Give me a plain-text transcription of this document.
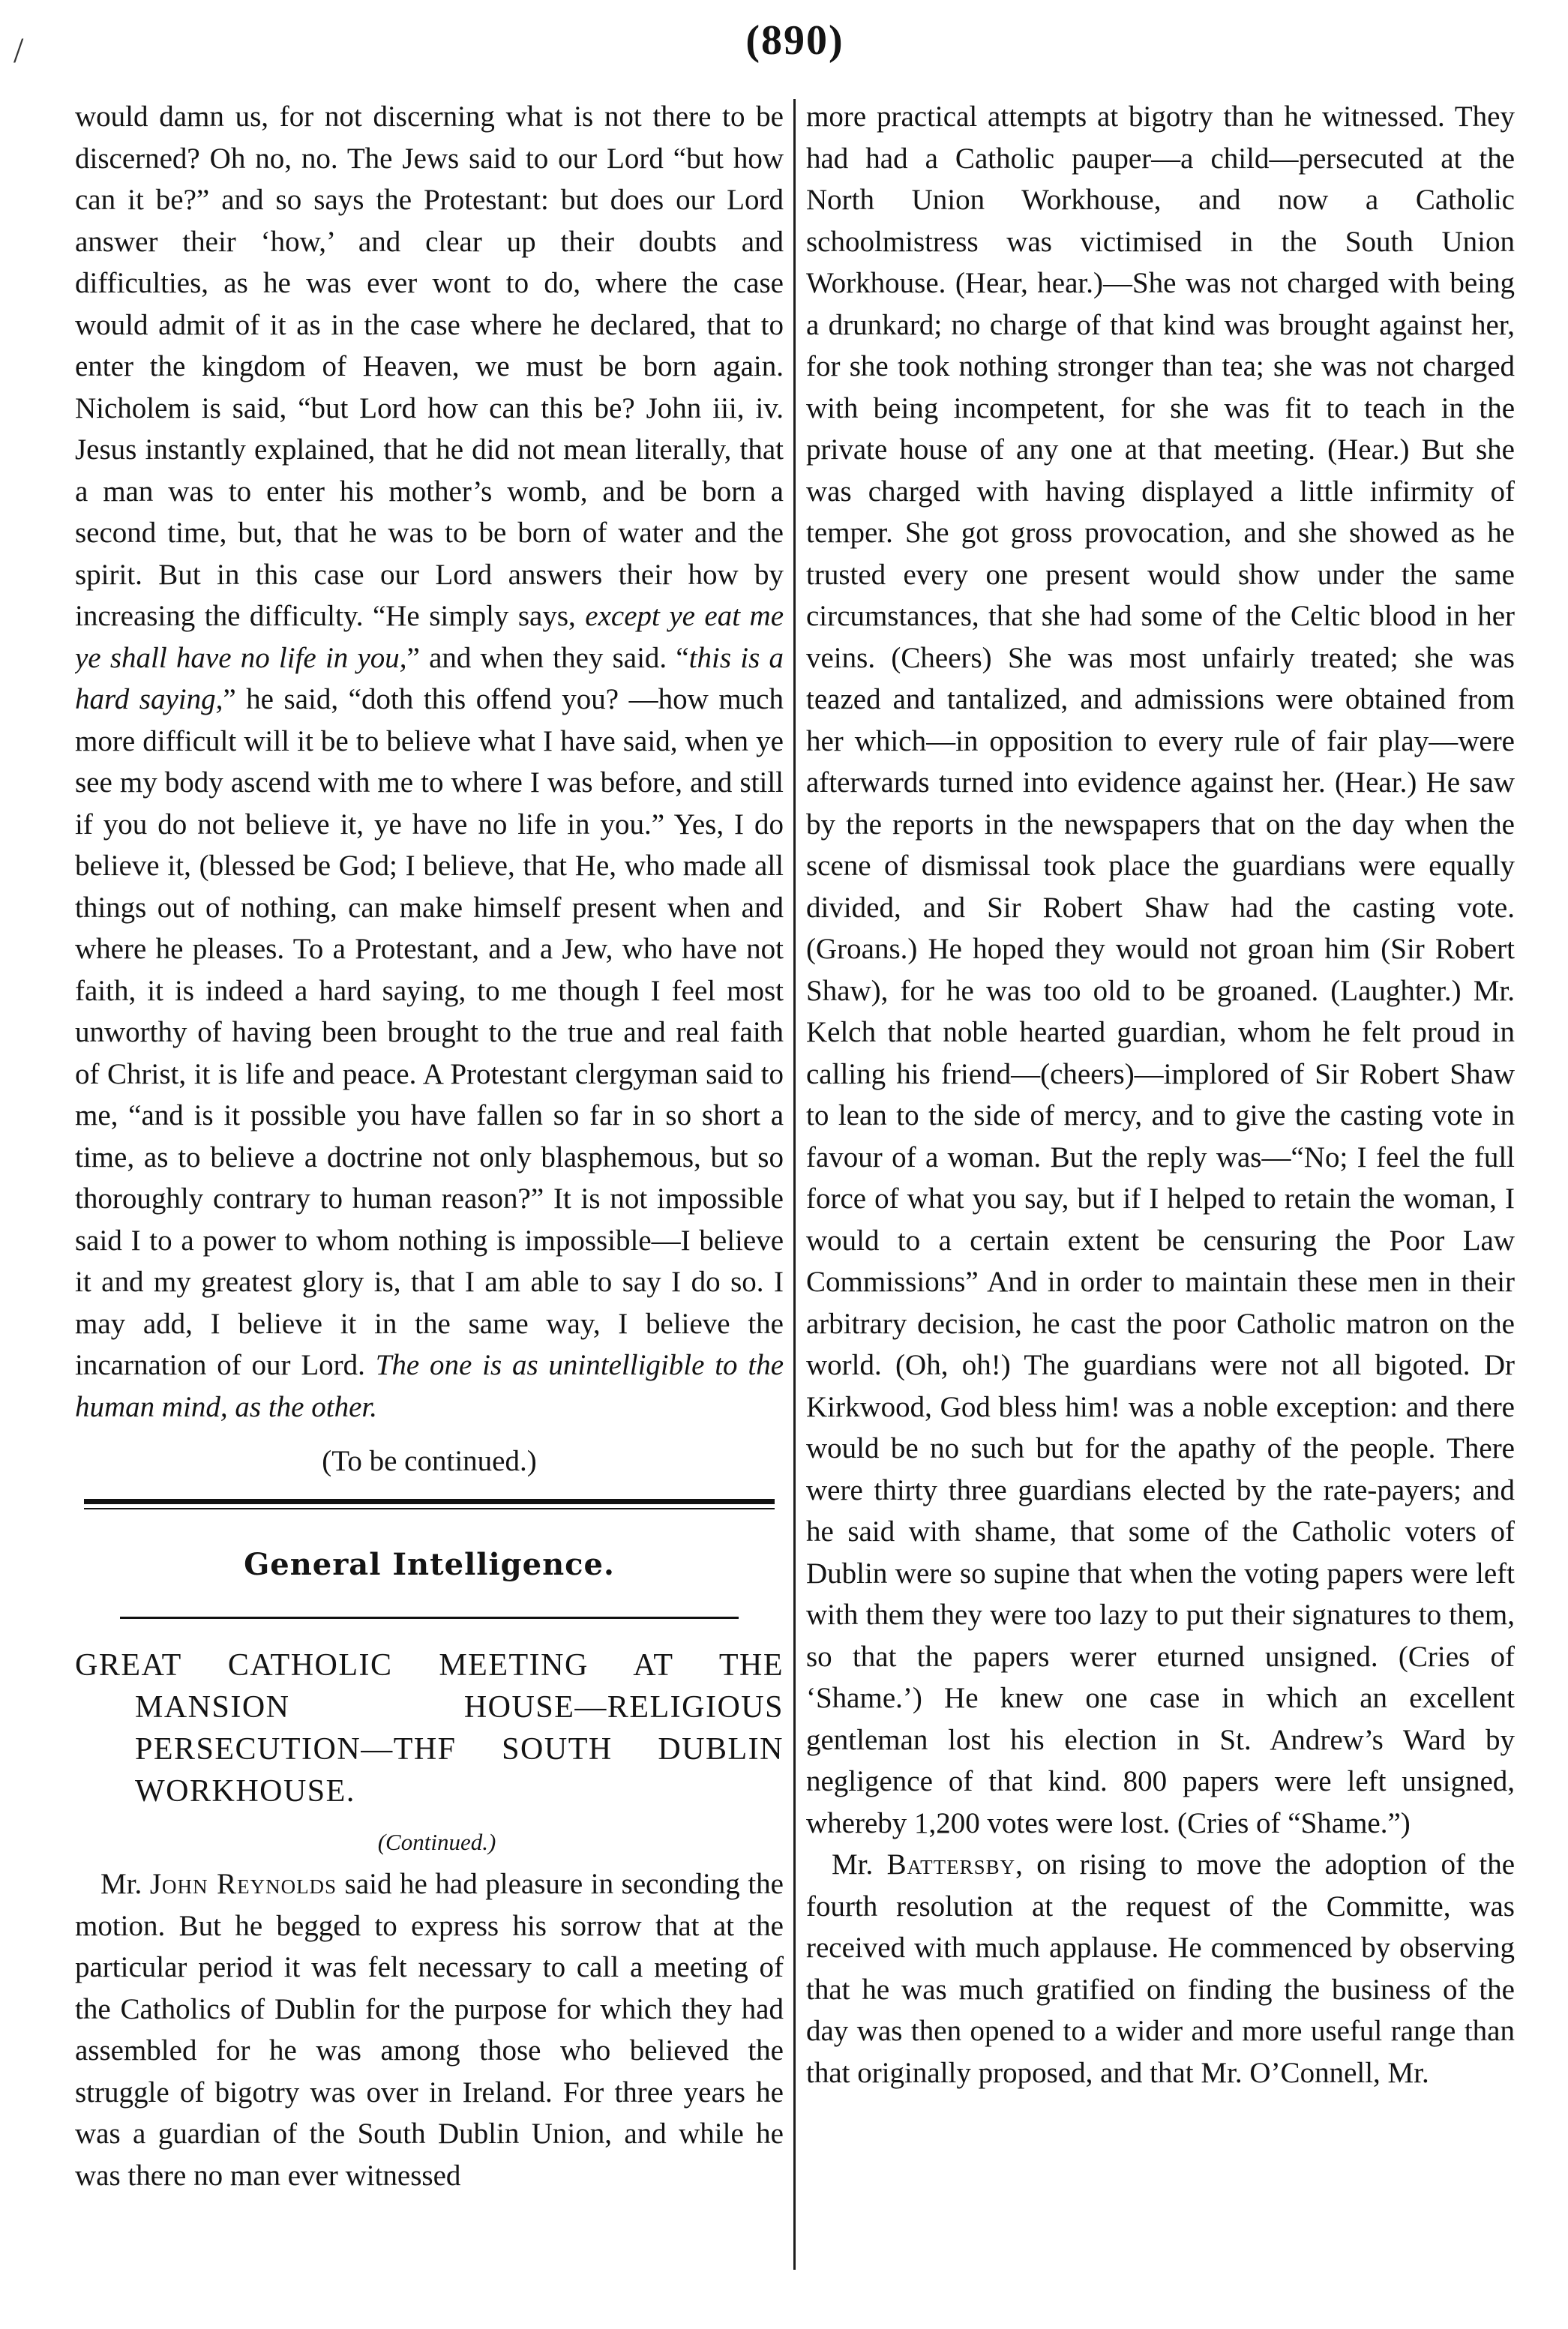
(890)
/

would damn us, for not discerning what is not there to be discerned? Oh no, no. The Jews said to our Lord “but how can it be?” and so says the Protestant: but does our Lord answer their ‘how,’ and clear up their doubts and difficulties, as he was ever wont to do, where the case would admit of it as in the case where he declared, that to enter the kingdom of Heaven, we must be born again. Nicholem is said, “but Lord how can this be? John iii, iv. Jesus instantly explained, that he did not mean literally, that a man was to enter his mother’s womb, and be born a second time, but, that he was to be born of water and the spirit. But in this case our Lord answers their how by increasing the difficulty. “He simply says, except ye eat me ye shall have no life in you,” and when they said. “this is a hard saying,” he said, “doth this offend you? —how much more difficult will it be to believe what I have said, when ye see my body ascend with me to where I was before, and still if you do not believe it, ye have no life in you.” Yes, I do believe it, (blessed be God; I believe, that He, who made all things out of nothing, can make himself present when and where he pleases. To a Protestant, and a Jew, who have not faith, it is indeed a hard saying, to me though I feel most unworthy of having been brought to the true and real faith of Christ, it is life and peace. A Protestant clergyman said to me, “and is it possible you have fallen so far in so short a time, as to believe a doctrine not only blasphemous, but so thoroughly contrary to human reason?” It is not impossible said I to a power to whom nothing is impossible—I believe it and my greatest glory is, that I am able to say I do so. I may add, I believe it in the same way, I believe the incarnation of our Lord. The one is as unintelligible to the human mind, as the other.

(To be continued.)
General Intelligence.
GREAT CATHOLIC MEETING AT THE MANSION HOUSE—RELIGIOUS PERSECUTION—THF SOUTH DUBLIN WORKHOUSE.
(Continued.)

Mr. John Reynolds said he had pleasure in seconding the motion. But he begged to express his sorrow that at the particular period it was felt necessary to call a meeting of the Catholics of Dublin for the purpose for which they had assembled for he was among those who believed the struggle of bigotry was over in Ireland. For three years he was a guardian of the South Dublin Union, and while he was there no man ever witnessed

more practical attempts at bigotry than he witnessed. They had had a Catholic pauper—a child—persecuted at the North Union Workhouse, and now a Catholic schoolmistress was victimised in the South Union Workhouse. (Hear, hear.)—She was not charged with being a drunkard; no charge of that kind was brought against her, for she took nothing stronger than tea; she was not charged with being incompetent, for she was fit to teach in the private house of any one at that meeting. (Hear.) But she was charged with having displayed a little infirmity of temper. She got gross provocation, and she showed as he trusted every one present would show under the same circumstances, that she had some of the Celtic blood in her veins. (Cheers) She was most unfairly treated; she was teazed and tantalized, and admissions were obtained from her which—in opposition to every rule of fair play—were afterwards turned into evidence against her. (Hear.) He saw by the reports in the newspapers that on the day when the scene of dismissal took place the guardians were equally divided, and Sir Robert Shaw had the casting vote. (Groans.) He hoped they would not groan him (Sir Robert Shaw), for he was too old to be groaned. (Laughter.) Mr. Kelch that noble hearted guardian, whom he felt proud in calling his friend—(cheers)—implored of Sir Robert Shaw to lean to the side of mercy, and to give the casting vote in favour of a woman. But the reply was—“No; I feel the full force of what you say, but if I helped to retain the woman, I would to a certain extent be censuring the Poor Law Commissions” And in order to maintain these men in their arbitrary decision, he cast the poor Catholic matron on the world. (Oh, oh!) The guardians were not all bigoted. Dr Kirkwood, God bless him! was a noble exception: and there would be no such but for the apathy of the people. There were thirty three guardians elected by the rate-payers; and he said with shame, that some of the Catholic voters of Dublin were so supine that when the voting papers were left with them they were too lazy to put their signatures to them, so that the papers werer eturned unsigned. (Cries of ‘Shame.’) He knew one case in which an excellent gentleman lost his election in St. Andrew’s Ward by negligence of that kind. 800 papers were left unsigned, whereby 1,200 votes were lost. (Cries of “Shame.”)

Mr. Battersby, on rising to move the adoption of the fourth resolution at the request of the Committe, was received with much applause. He commenced by observing that he was much gratified on finding the business of the day was then opened to a wider and more useful range than that originally proposed, and that Mr. O’Connell, Mr.
